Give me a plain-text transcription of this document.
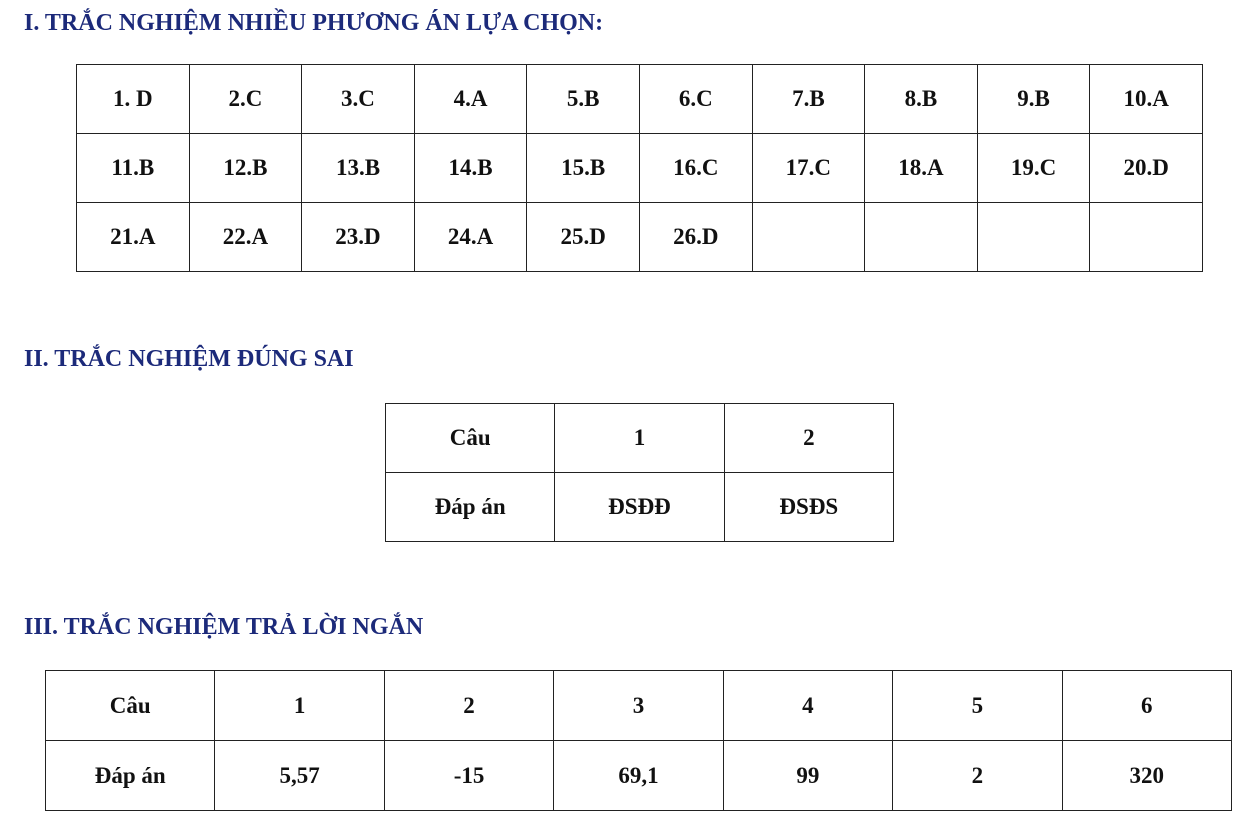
I. TRẮC NGHIỆM NHIỀU PHƯƠNG ÁN LỰA CHỌN:
1. D	2.C	3.C	4.A	5.B	6.C	7.B	8.B	9.B	10.A
11.B	12.B	13.B	14.B	15.B	16.C	17.C	18.A	19.C	20.D
21.A	22.A	23.D	24.A	25.D	26.D				
II. TRẮC NGHIỆM ĐÚNG SAI
Câu	1	2
Đáp án	ĐSĐĐ	ĐSĐS
III. TRẮC NGHIỆM TRẢ LỜI NGẮN
Câu	1	2	3	4	5	6
Đáp án	5,57	-15	69,1	99	2	320
